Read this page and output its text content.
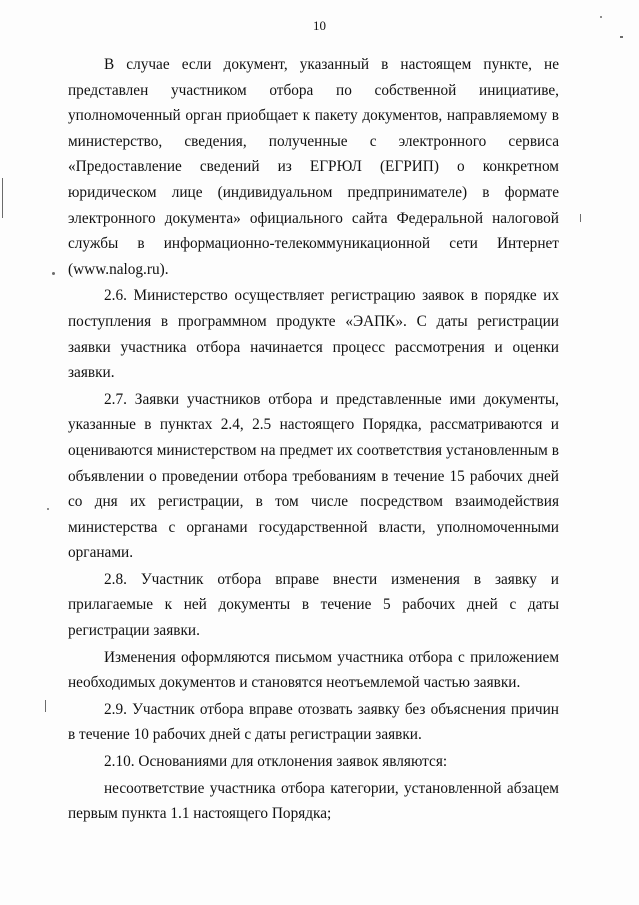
10

В случае если документ, указанный в настоящем пункте, не представлен участником отбора по собственной инициативе, уполномоченный орган приобщает к пакету документов, направляемому в министерство, сведения, полученные с электронного сервиса «Предоставление сведений из ЕГРЮЛ (ЕГРИП) о конкретном юридическом лице (индивидуальном предпринимателе) в формате электронного документа» официального сайта Федеральной налоговой службы в информационно-телекоммуникационной сети Интернет (www.nalog.ru).

2.6. Министерство осуществляет регистрацию заявок в порядке их поступления в программном продукте «ЭАПК». С даты регистрации заявки участника отбора начинается процесс рассмотрения и оценки заявки.

2.7. Заявки участников отбора и представленные ими документы, указанные в пунктах 2.4, 2.5 настоящего Порядка, рассматриваются и оцениваются министерством на предмет их соответствия установленным в объявлении о проведении отбора требованиям в течение 15 рабочих дней со дня их регистрации, в том числе посредством взаимодействия министерства с органами государственной власти, уполномоченными органами.

2.8. Участник отбора вправе внести изменения в заявку и прилагаемые к ней документы в течение 5 рабочих дней с даты регистрации заявки.

Изменения оформляются письмом участника отбора с приложением необходимых документов и становятся неотъемлемой частью заявки.

2.9. Участник отбора вправе отозвать заявку без объяснения причин в течение 10 рабочих дней с даты регистрации заявки.

2.10. Основаниями для отклонения заявок являются:

несоответствие участника отбора категории, установленной абзацем первым пункта 1.1 настоящего Порядка;
